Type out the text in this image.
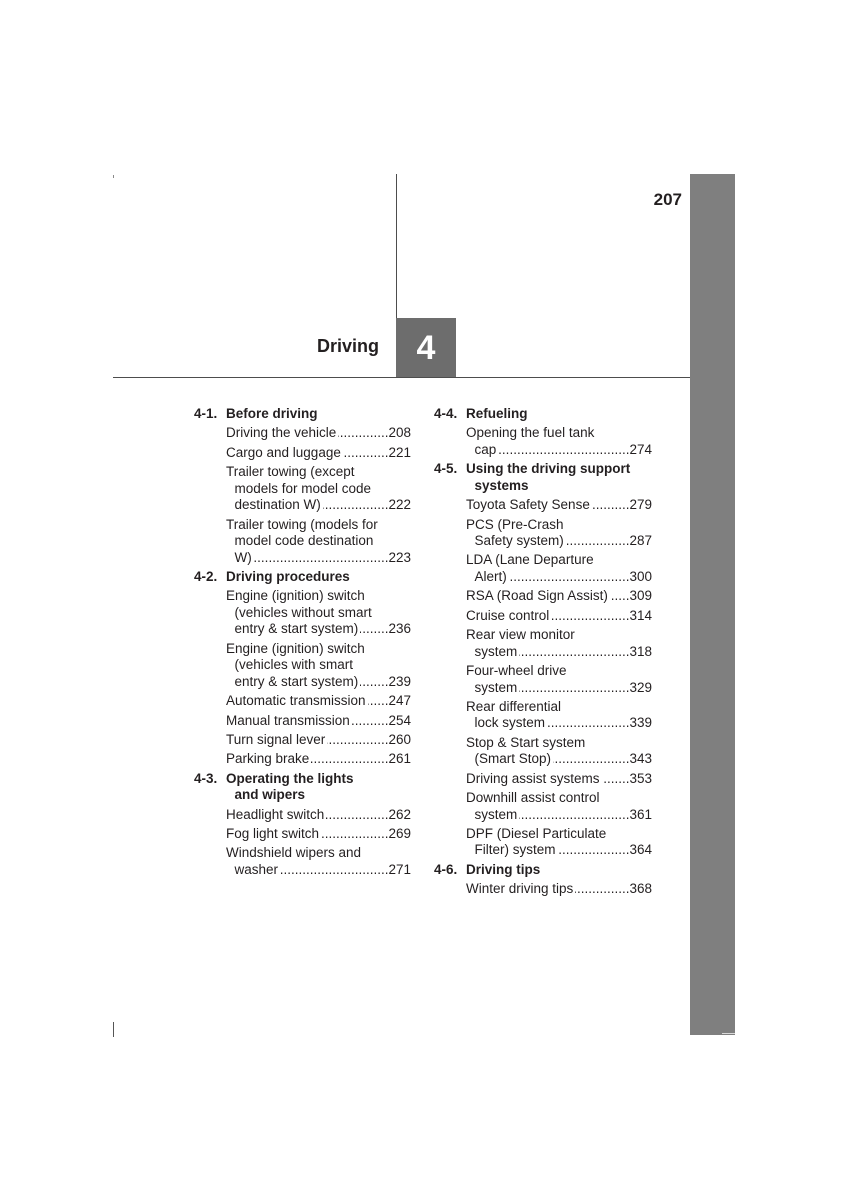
207
Driving 4
4-1. Before driving
Driving the vehicle .....	208
Cargo and luggage .....	221
Trailer towing (except
models for model code
destination W) .....	222
Trailer towing (models for
model code destination
W) .....	223
4-2. Driving procedures
Engine (ignition) switch
(vehicles without smart
entry & start system) ..... 236
Engine (ignition) switch
(vehicles with smart
entry & start system) ..... 239
Automatic transmission ..... 247
Manual transmission .....	254
Turn signal lever .....	260
Parking brake .....	261
4-3. Operating the lights
and wipers
Headlight switch .....	262
Fog light switch .....	269
Windshield wipers and
washer .....	271
4-4. Refueling
Opening the fuel tank
cap .....	274
4-5. Using the driving support
systems
Toyota Safety Sense .....	279
PCS (Pre-Crash
Safety system) .....	287
LDA (Lane Departure
Alert) .....	300
RSA (Road Sign Assist) ..... 309
Cruise control .....	314
Rear view monitor
system .....	318
Four-wheel drive
system .....	329
Rear differential
lock system .....	339
Stop & Start system
(Smart Stop) .....	343
Driving assist systems ..... 353
Downhill assist control
system .....	361
DPF (Diesel Particulate
Filter) system .....	364
4-6. Driving tips
Winter driving tips .....	368
